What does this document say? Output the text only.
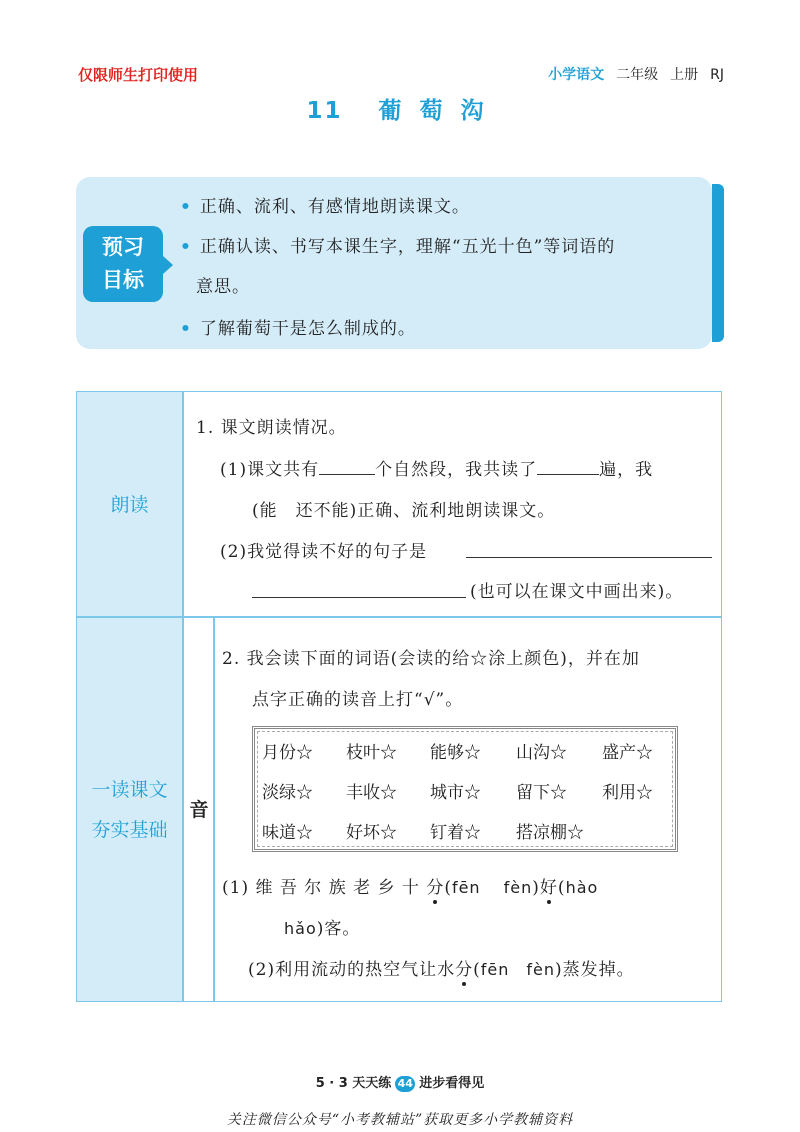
仅限师生打印使用	小学语文 二年级 上册 RJ
11 葡 萄 沟
预习
目标
• 正确、流利、有感情地朗读课文。
• 正确认读、书写本课生字，理解“五光十色”等词语的
意思。
• 了解葡萄干是怎么制成的。
朗读
一读课文
夯实基础
音
1. 课文朗读情况。
(1)课文共有	个自然段，我共读了	遍，我
(能　还不能)正确、流利地朗读课文。
(2)我觉得读不好的句子是
(也可以在课文中画出来)。
2. 我会读下面的词语(会读的给☆涂上颜色)，并在加
点字正确的读音上打“√”。
月份☆ 枝叶☆ 能够☆ 山沟☆ 盛产☆
淡绿☆ 丰收☆ 城市☆ 留下☆ 利用☆
味道☆ 好坏☆ 钉着☆ 搭凉棚☆
(1) 维 吾 尔 族 老 乡 十 分(fēn　 fèn)好(hào
hǎo)客。
(2)利用流动的热空气让水分(fēn　fèn)蒸发掉。
5 · 3 天天练 44 进步看得见
关注微信公众号“小考教辅站”获取更多小学教辅资料
